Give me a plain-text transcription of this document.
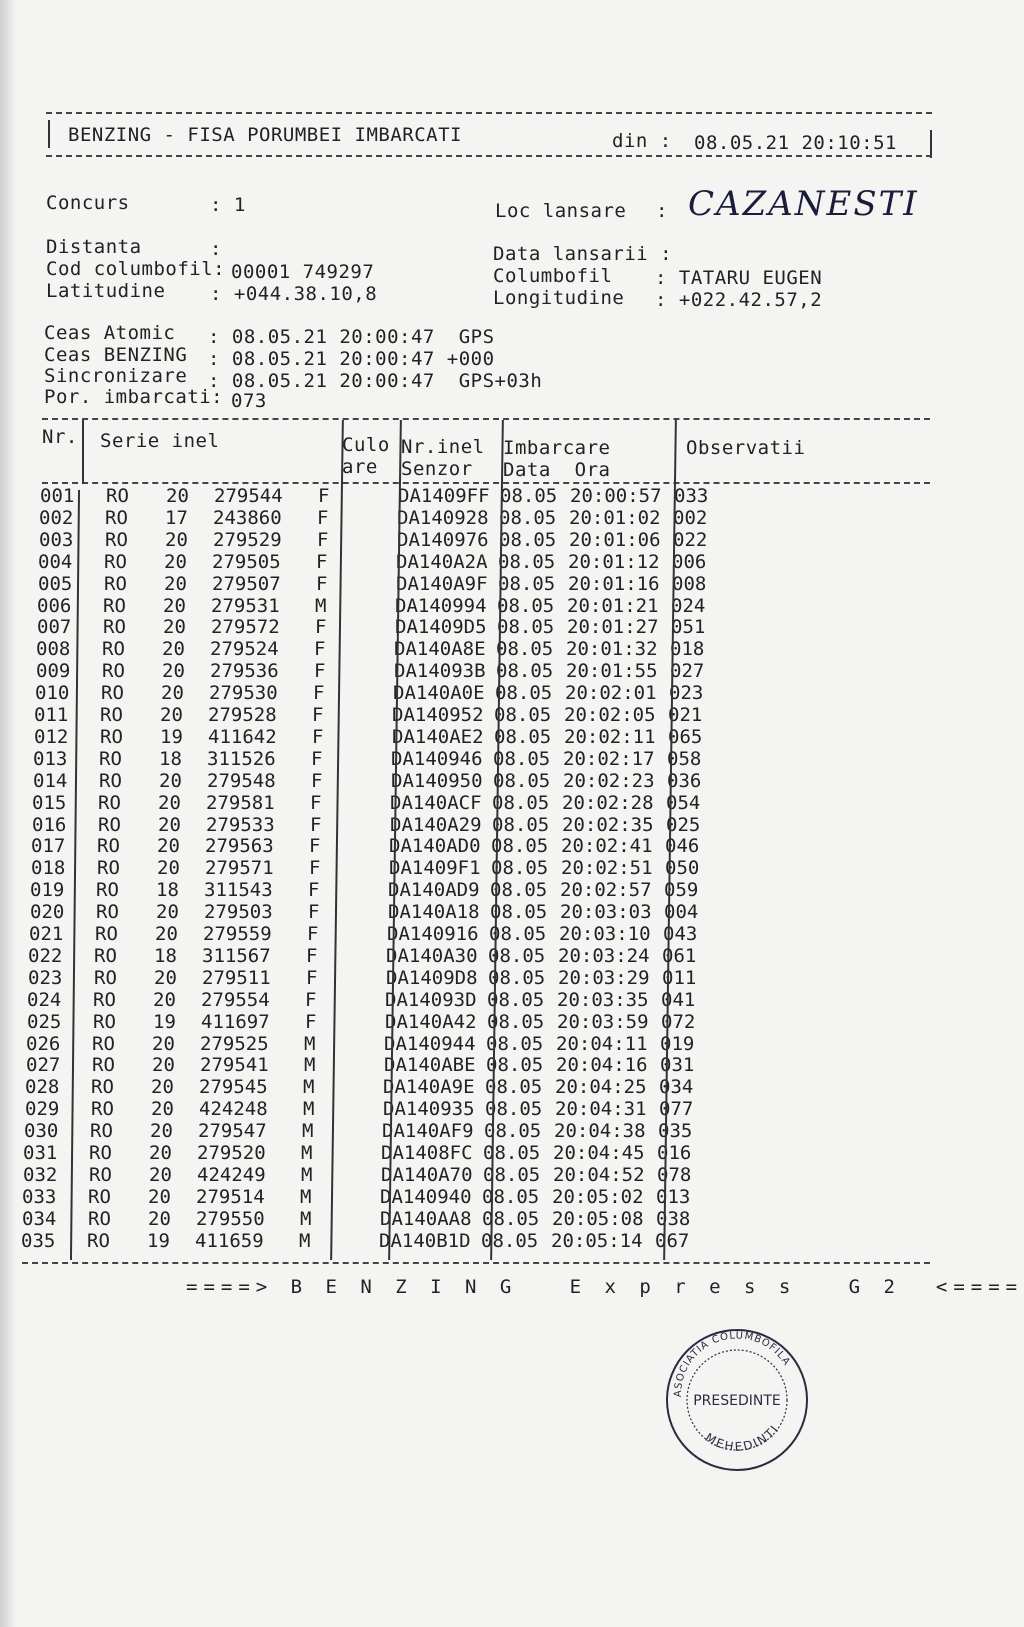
BENZING - FISA PORUMBEI IMBARCATI	din : 08.05.21 20:10:51
Concurs	: 1	Loc lansare : CAZANESTI
Distanta	:
Cod columbofil: 00001 749297
Latitudine : +044.38.10,8
Data lansarii :
Columbofil : TATARU EUGEN
Longitudine : +022.42.57,2
Ceas Atomic : 08.05.21 20:00:47  GPS
Ceas BENZING : 08.05.21 20:00:47 +000
Sincronizare : 08.05.21 20:00:47  GPS+03h
Por. imbarcati: 073
Nr. Serie inel	Culo
are
Nr.inel
Senzor
Imbarcare
Data  Ora
Observatii
001 RO 20 279544 F	DA1409FF 08.05 20:00:57 033
002 RO 17 243860 F	DA140928 08.05 20:01:02 002
003 RO 20 279529 F	DA140976 08.05 20:01:06 022
004 RO 20 279505 F	DA140A2A 08.05 20:01:12 006
005 RO 20 279507 F	DA140A9F 08.05 20:01:16 008
006 RO 20 279531 M	DA140994 08.05 20:01:21 024
007 RO 20 279572 F	DA1409D5 08.05 20:01:27 051
008 RO 20 279524 F	DA140A8E 08.05 20:01:32 018
009 RO 20 279536 F	DA14093B 08.05 20:01:55 027
010 RO 20 279530 F	DA140A0E 08.05 20:02:01 023
011 RO 20 279528 F	DA140952 08.05 20:02:05 021
012 RO 19 411642 F	DA140AE2 08.05 20:02:11 065
013 RO 18 311526 F	DA140946 08.05 20:02:17 058
014 RO 20 279548 F	DA140950 08.05 20:02:23 036
015 RO 20 279581 F	DA140ACF 08.05 20:02:28 054
016 RO 20 279533 F	DA140A29 08.05 20:02:35 025
017 RO 20 279563 F	DA140AD0 08.05 20:02:41 046
018 RO 20 279571 F	DA1409F1 08.05 20:02:51 050
019 RO 18 311543 F	DA140AD9 08.05 20:02:57 059
020 RO 20 279503 F	DA140A18 08.05 20:03:03 004
021 RO 20 279559 F	DA140916 08.05 20:03:10 043
022 RO 18 311567 F	DA140A30 08.05 20:03:24 061
023 RO 20 279511 F	DA1409D8 08.05 20:03:29 011
024 RO 20 279554 F	DA14093D 08.05 20:03:35 041
025 RO 19 411697 F	DA140A42 08.05 20:03:59 072
026 RO 20 279525 M	DA140944 08.05 20:04:11 019
027 RO 20 279541 M	DA140ABE 08.05 20:04:16 031
028 RO 20 279545 M	DA140A9E 08.05 20:04:25 034
029 RO 20 424248 M	DA140935 08.05 20:04:31 077
030 RO 20 279547 M	DA140AF9 08.05 20:04:38 035
031 RO 20 279520 M	DA1408FC 08.05 20:04:45 016
032 RO 20 424249 M	DA140A70 08.05 20:04:52 078
033 RO 20 279514 M	DA140940 08.05 20:05:02 013
034 RO 20 279550 M	DA140AA8 08.05 20:05:08 038
035 RO 19 411659 M	DA140B1D 08.05 20:05:14 067
====> B E N Z I N G   E x p r e s s   G 2  <====
ASOCIATIA COLUMBOFILA
MEHEDINTI
PRESEDINTE
